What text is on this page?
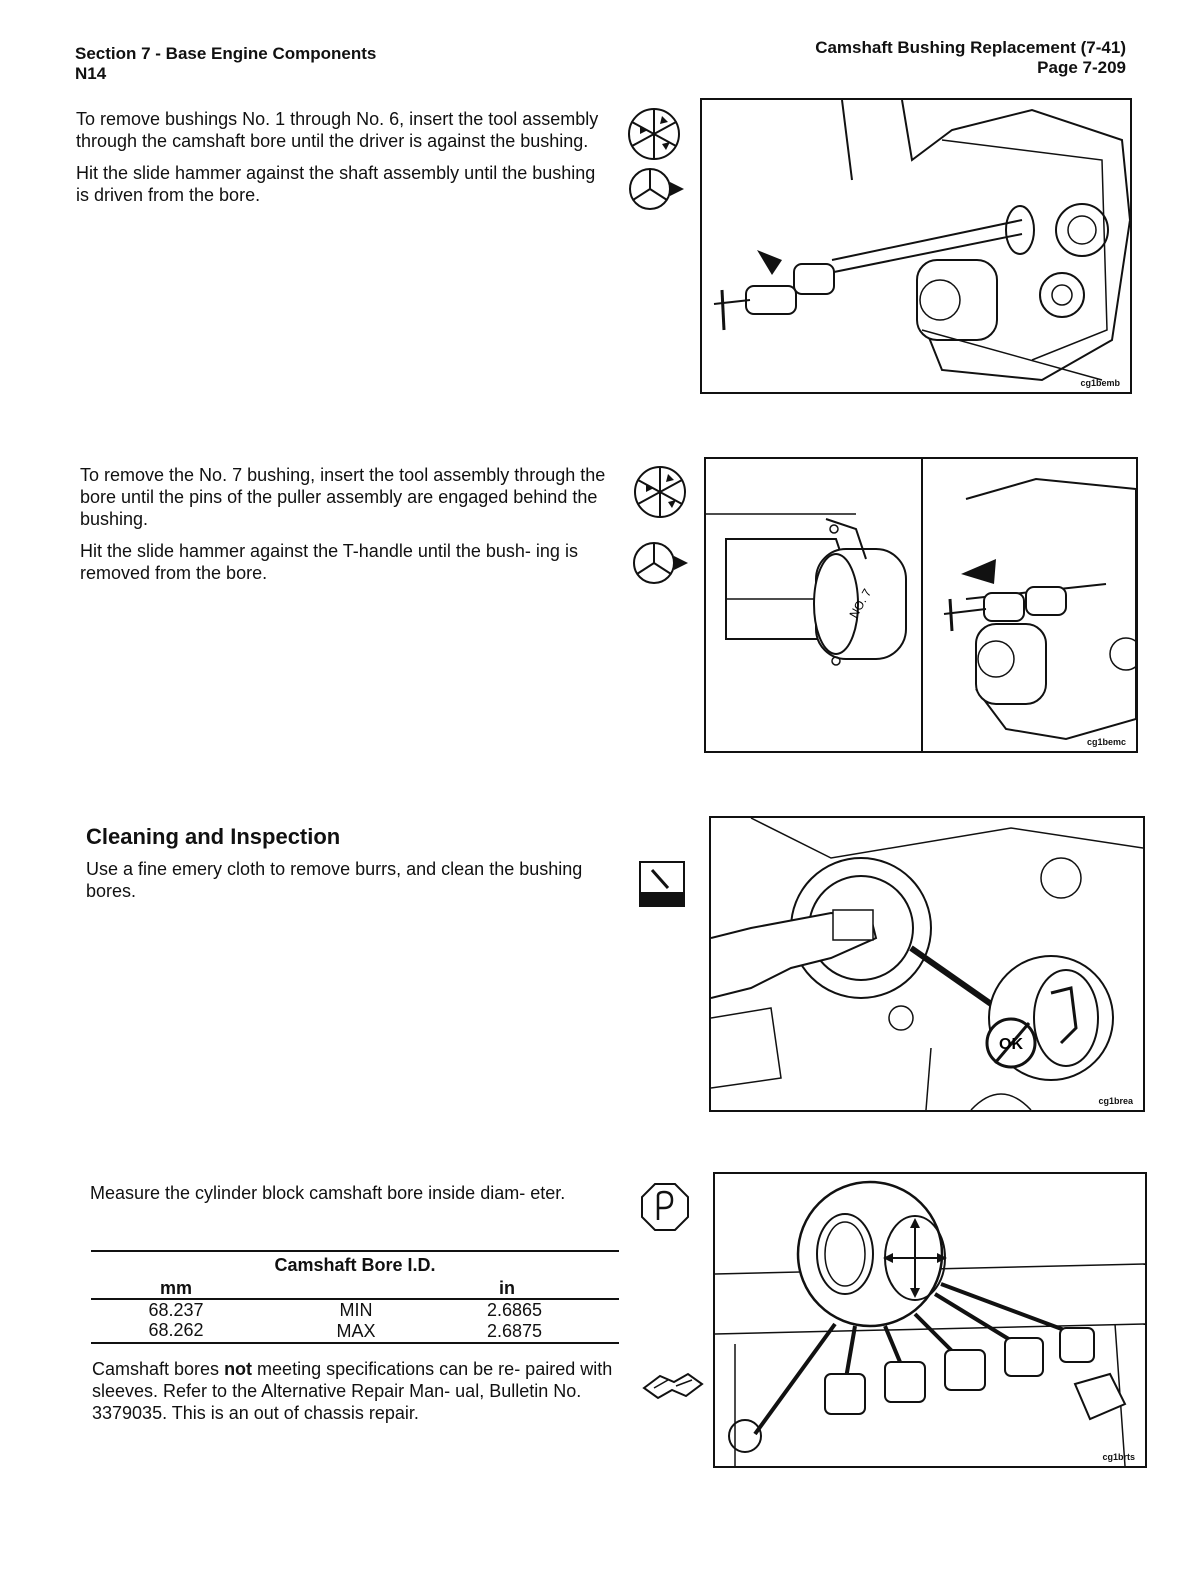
Section 7 - Base Engine Components
N14
Camshaft Bushing Replacement (7-41)
Page 7-209

To remove bushings No. 1 through No. 6, insert the tool assembly through the camshaft bore until the driver is against the bushing.

Hit the slide hammer against the shaft assembly until the bushing is driven from the bore.

cg1bemb

To remove the No. 7 bushing, insert the tool assembly through the bore until the pins of the puller assembly are engaged behind the bushing.

Hit the slide hammer against the T-handle until the bush- ing is removed from the bore.

NO. 7
cg1bemc
Cleaning and Inspection

Use a fine emery cloth to remove burrs, and clean the bushing bores.

OK
cg1brea

Measure the cylinder block camshaft bore inside diam- eter.

Camshaft Bore I.D.
mm		in
68.237	MIN	2.6865
68.262	MAX	2.6875

Camshaft bores not meeting specifications can be re- paired with sleeves. Refer to the Alternative Repair Man- ual, Bulletin No. 3379035. This is an out of chassis repair.

cg1brts
